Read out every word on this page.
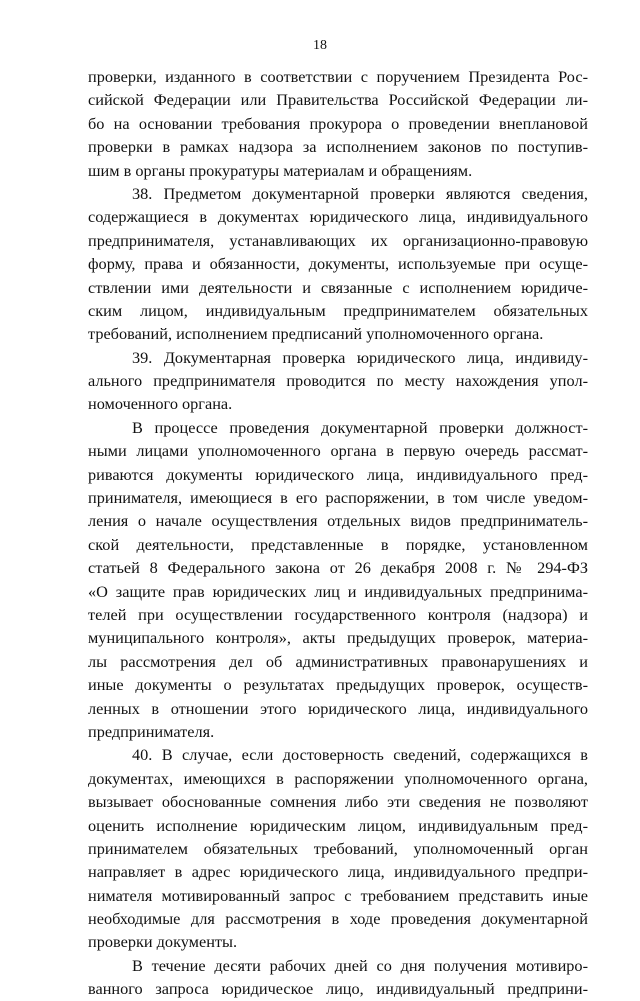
18
проверки, изданного в соответствии с поручением Президента Рос-
сийской Федерации или Правительства Российской Федерации ли-
бо на основании требования прокурора о проведении внеплановой
проверки в рамках надзора за исполнением законов по поступив-
шим в органы прокуратуры материалам и обращениям.
38. Предметом документарной проверки являются сведения,
содержащиеся в документах юридического лица, индивидуального
предпринимателя, устанавливающих их организационно-правовую
форму, права и обязанности, документы, используемые при осуще-
ствлении ими деятельности и связанные с исполнением юридиче-
ским лицом, индивидуальным предпринимателем обязательных
требований, исполнением предписаний уполномоченного органа.
39. Документарная проверка юридического лица, индивиду-
ального предпринимателя проводится по месту нахождения упол-
номоченного органа.
В процессе проведения документарной проверки должност-
ными лицами уполномоченного органа в первую очередь рассмат-
риваются документы юридического лица, индивидуального пред-
принимателя, имеющиеся в его распоряжении, в том числе уведом-
ления о начале осуществления отдельных видов предприниматель-
ской деятельности, представленные в порядке, установленном
статьей 8 Федерального закона от 26 декабря 2008 г. № 294-ФЗ
«О защите прав юридических лиц и индивидуальных предпринима-
телей при осуществлении государственного контроля (надзора) и
муниципального контроля», акты предыдущих проверок, материа-
лы рассмотрения дел об административных правонарушениях и
иные документы о результатах предыдущих проверок, осуществ-
ленных в отношении этого юридического лица, индивидуального
предпринимателя.
40. В случае, если достоверность сведений, содержащихся в
документах, имеющихся в распоряжении уполномоченного органа,
вызывает обоснованные сомнения либо эти сведения не позволяют
оценить исполнение юридическим лицом, индивидуальным пред-
принимателем обязательных требований, уполномоченный орган
направляет в адрес юридического лица, индивидуального предпри-
нимателя мотивированный запрос с требованием представить иные
необходимые для рассмотрения в ходе проведения документарной
проверки документы.
В течение десяти рабочих дней со дня получения мотивиро-
ванного запроса юридическое лицо, индивидуальный предприни-
